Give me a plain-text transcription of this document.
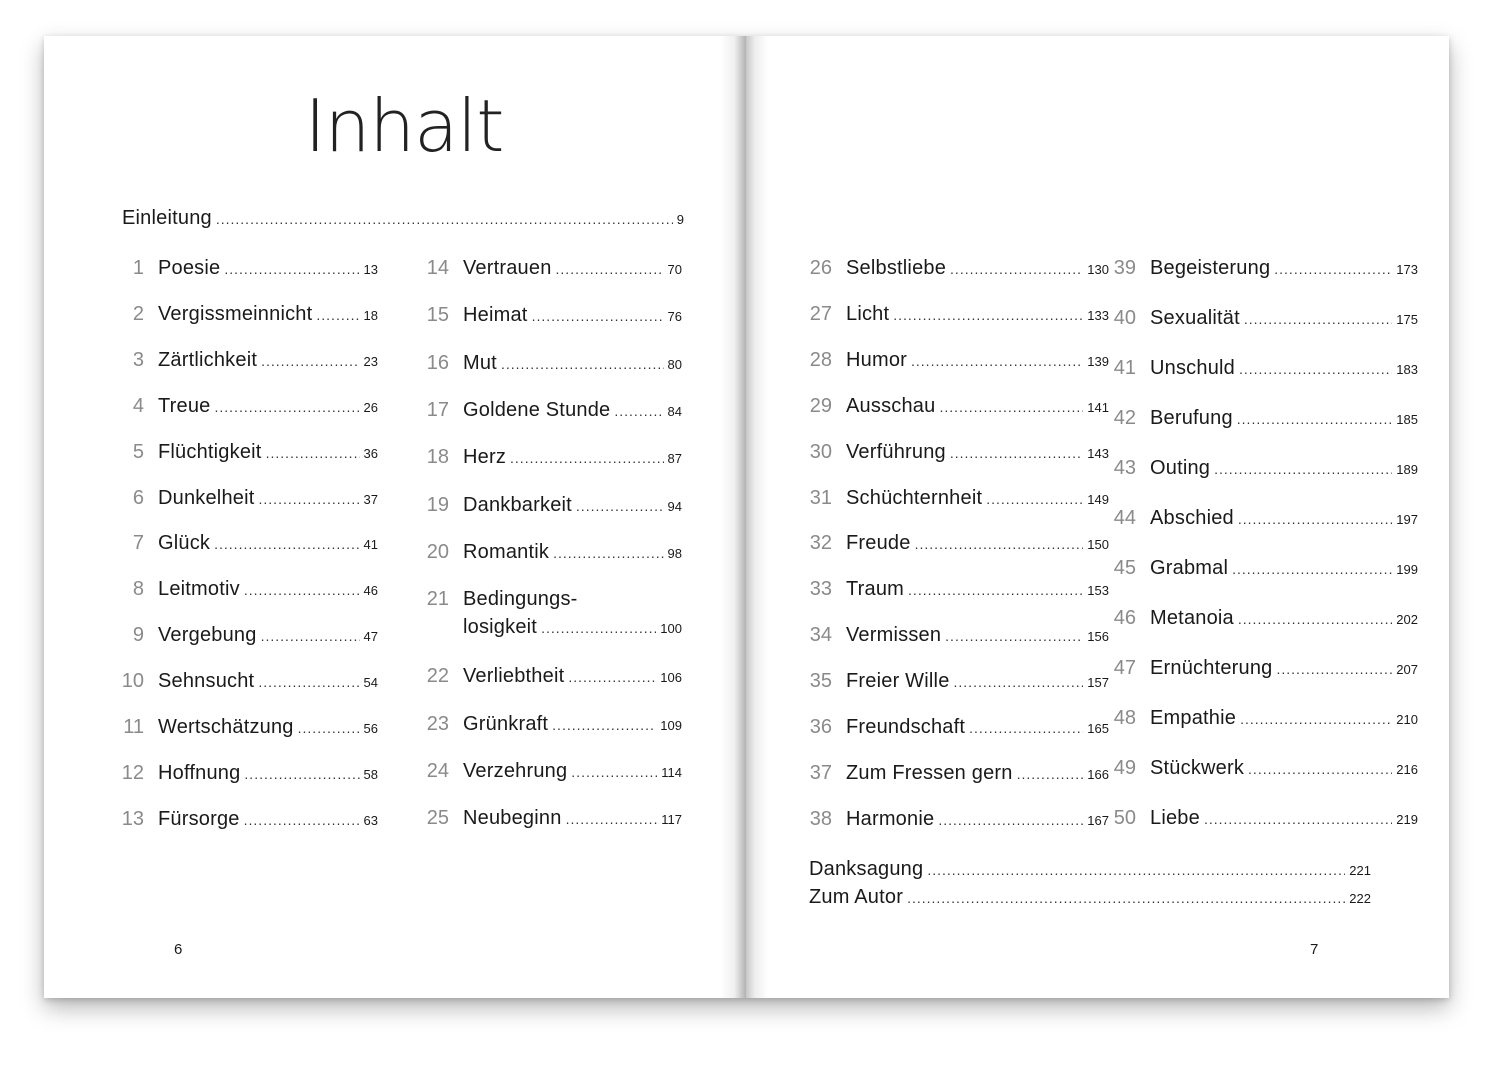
Inhalt
Einleitung .....	9
1 Poesie .....	13
2 Vergissmeinnicht .....	18
3 Zärtlichkeit .....	23
4 Treue .....	26
5 Flüchtigkeit .....	36
6 Dunkelheit .....	37
7 Glück .....	41
8 Leitmotiv .....	46
9 Vergebung .....	47
10 Sehnsucht .....	54
11 Wertschätzung .....	56
12 Hoffnung .....	58
13 Fürsorge .....	63
14 Vertrauen .....	70
15 Heimat .....	76
16 Mut .....	80
17 Goldene Stunde .....	84
18 Herz .....	87
19 Dankbarkeit .....	94
20 Romantik .....	98
21 Bedingungs-
losigkeit .....	100
22 Verliebtheit .....	106
23 Grünkraft .....	109
24 Verzehrung .....	114
25 Neubeginn .....	117
6
26 Selbstliebe .....	130
27 Licht .....	133
28 Humor .....	139
29 Ausschau .....	141
30 Verführung .....	143
31 Schüchternheit .....	149
32 Freude .....	150
33 Traum .....	153
34 Vermissen .....	156
35 Freier Wille .....	157
36 Freundschaft .....	165
37 Zum Fressen gern .....	166
38 Harmonie .....	167
39 Begeisterung .....	173
40 Sexualität .....	175
41 Unschuld .....	183
42 Berufung .....	185
43 Outing .....	189
44 Abschied .....	197
45 Grabmal .....	199
46 Metanoia .....	202
47 Ernüchterung .....	207
48 Empathie .....	210
49 Stückwerk .....	216
50 Liebe .....	219
Danksagung .....	221
Zum Autor .....	222
7
